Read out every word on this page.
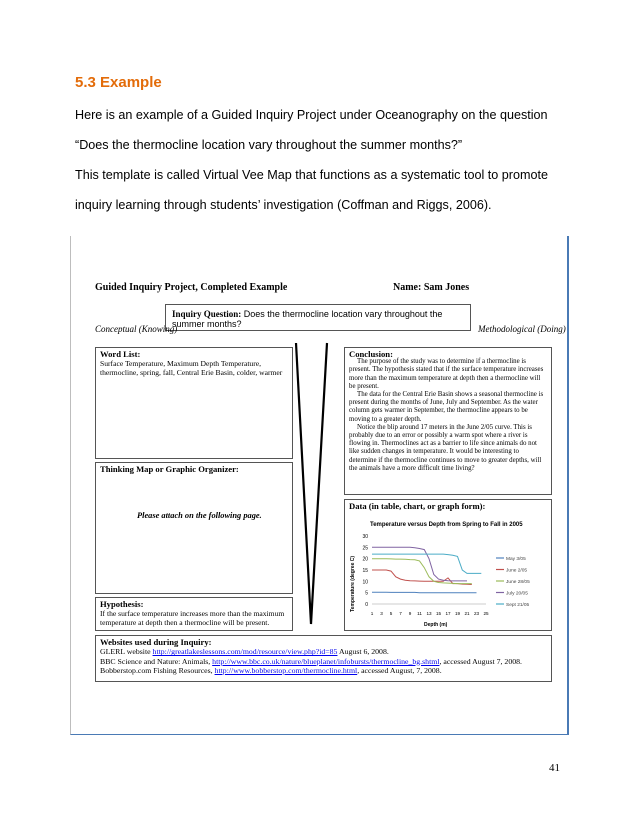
5.3 Example
Here is an example of a Guided Inquiry Project under Oceanography on the question
“Does the thermocline location vary throughout the summer months?”
This template is called Virtual Vee Map that functions as a systematic tool to promote
inquiry learning through students’ investigation (Coffman and Riggs, 2006).
Guided Inquiry Project, Completed Example	Name: Sam Jones
Inquiry Question: Does the thermocline location vary throughout the summer months?
Conceptual (Knowing)	Methodological (Doing)
Word List:
Surface Temperature, Maximum Depth Temperature, thermocline, spring, fall, Central Erie Basin, colder, warmer
Thinking Map or Graphic Organizer:
Please attach on the following page.
Hypothesis:
If the surface temperature increases more than the maximum temperature at depth then a thermocline will be present.
Conclusion:

The purpose of the study was to determine if a thermocline is present. The hypothesis stated that if the surface temperature increases more than the maximum temperature at depth then a thermocline will be present.

The data for the Central Erie Basin shows a seasonal thermocline is present during the months of June, July and September. As the water column gets warmer in September, the thermocline appears to be moving to a greater depth.

Notice the blip around 17 meters in the June 2/05 curve. This is probably due to an error or possibly a warm spot where a river is flowing in. Thermoclines act as a barrier to life since animals do not like sudden changes in temperature. It would be interesting to determine if the thermocline continues to move to greater depths, will the animals have a more difficult time living?

Data (in table, chart, or graph form):
Temperature versus Depth from Spring to Fall in 2005
0
5
10
15
20
25
30
1 3 5 7 9 11 13 15 17 19 21 23 25
May 3/05
June 2/05
June 28/05
July 20/05
Sept 21/05
Temperature (degree C)
Depth (m)
Websites used during Inquiry:
GLERL website http://greatlakeslessons.com/mod/resource/view.php?id=85 August 6, 2008.
BBC Science and Nature: Animals, http://www.bbc.co.uk/nature/blueplanet/infobursts/thermocline_bg.shtml, accessed August 7, 2008.
Bobberstop.com Fishing Resources, http://www.bobberstop.com/thermocline.html, accessed August, 7, 2008.
41
